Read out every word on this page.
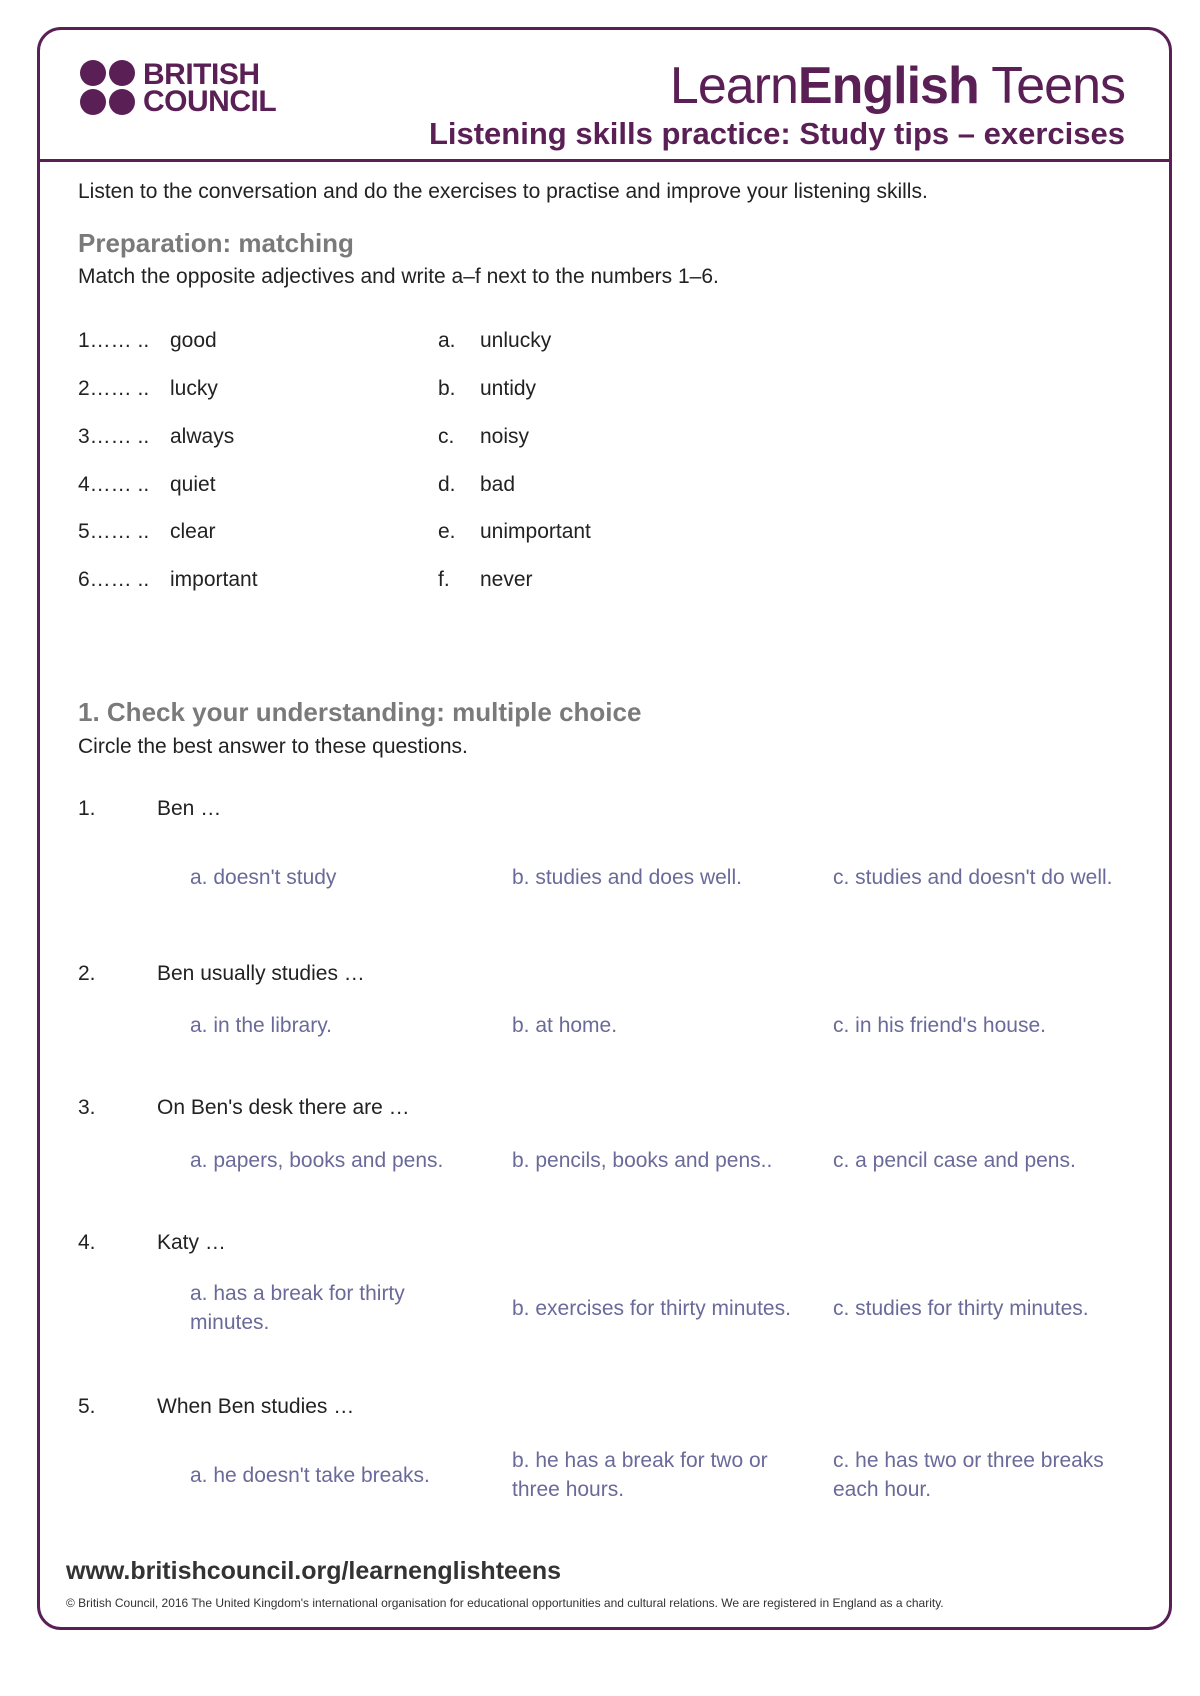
BRITISH
COUNCIL	LearnEnglish Teens
Listening skills practice: Study tips – exercises
Listen to the conversation and do the exercises to practise and improve your listening skills.
Preparation: matching
Match the opposite adjectives and write a–f next to the numbers 1–6.
1…… .. good	a. unlucky
2…… .. lucky	b. untidy
3…… .. always	c. noisy
4…… .. quiet	d. bad
5…… .. clear	e. unimportant
6…… .. important	f. never
1. Check your understanding: multiple choice
Circle the best answer to these questions.
1.	Ben …
a. doesn't study	b. studies and does well.	c. studies and doesn't do well.
2.	Ben usually studies …
a. in the library.	b. at home.	c. in his friend's house.
3.	On Ben's desk there are …
a. papers, books and pens.	b. pencils, books and pens..	c. a pencil case and pens.
4.	Katy …
a. has a break for thirty minutes.
b. exercises for thirty minutes.	c. studies for thirty minutes.
5.	When Ben studies …
a. he doesn't take breaks.
b. he has a break for two or three hours.
c. he has two or three breaks each hour.
www.britishcouncil.org/learnenglishteens
© British Council, 2016 The United Kingdom's international organisation for educational opportunities and cultural relations. We are registered in England as a charity.
